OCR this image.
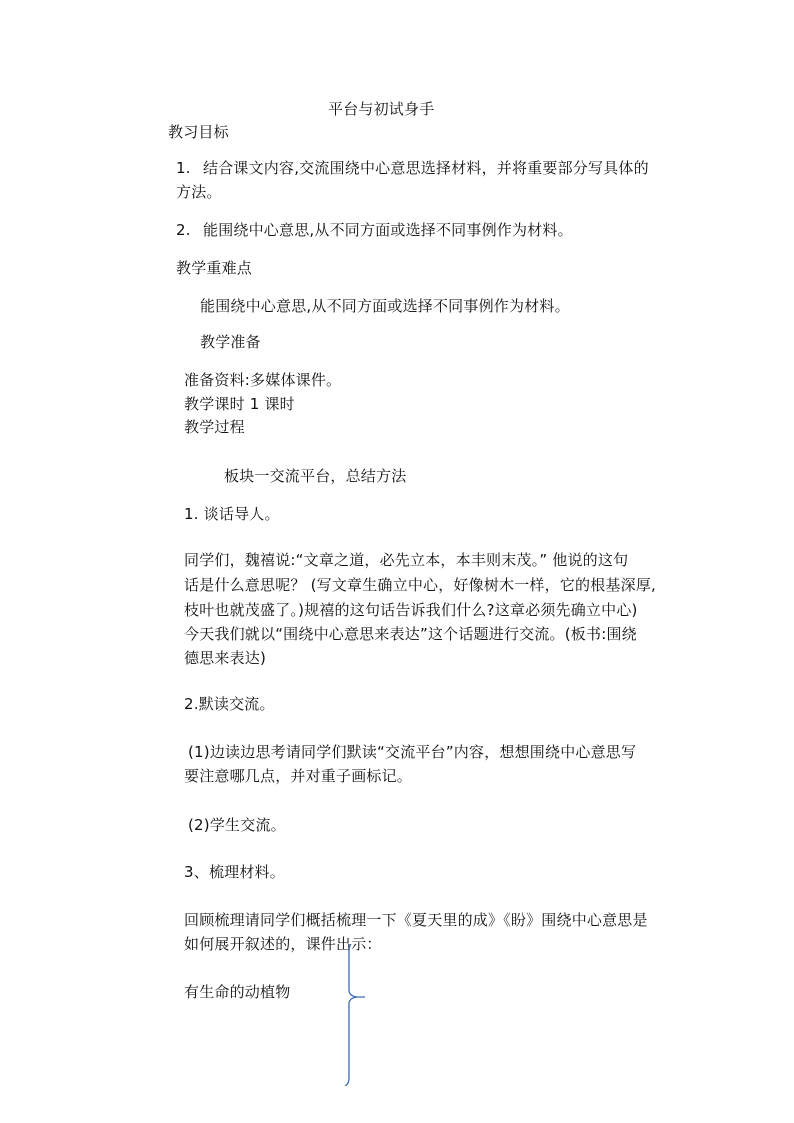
平台与初试身手
教习目标
1. 结合课文内容,交流围绕中心意思选择材料，并将重要部分写具体的
方法。
2. 能围绕中心意思,从不同方面或选择不同事例作为材料。
教学重难点
能围绕中心意思,从不同方面或选择不同事例作为材料。
教学准备
准备资料:多媒体课件。
教学课时 1 课时
教学过程
板块一交流平台，总结方法
1. 谈话导人。
同学们，魏禧说:“文章之道，必先立本，本丰则末茂。” 他说的这句
话是什么意思呢？ (写文章生确立中心，好像树木一样，它的根基深厚,
枝叶也就茂盛了。)规禧的这句话告诉我们什么?这章必须先确立中心)
今天我们就以“围绕中心意思来表达”这个话题进行交流。(板书:围绕
德思来表达)
2.默读交流。
(1)边读边思考请同学们默读“交流平台”内容，想想围绕中心意思写
要注意哪几点，并对重子画标记。
(2)学生交流。
3、梳理材料。
回顾梳理请同学们概括梳理一下《夏天里的成》《盼》围绕中心意思是
如何展开叙述的，课件出示：
有生命的动植物
